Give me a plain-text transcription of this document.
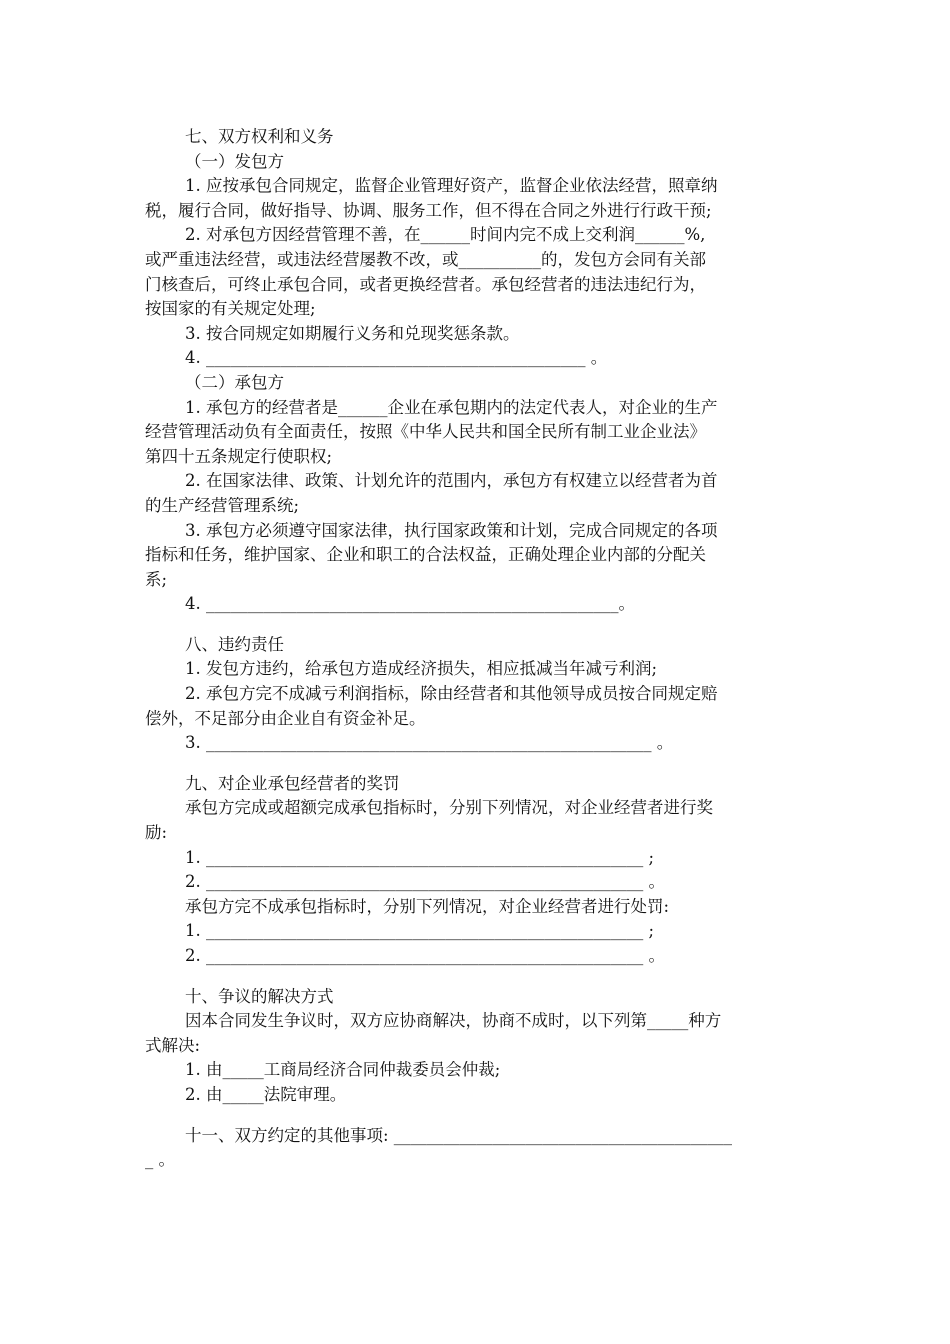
七、双方权利和义务
（一）发包方
1. 应按承包合同规定，监督企业管理好资产，监督企业依法经营，照章纳
税，履行合同，做好指导、协调、服务工作，但不得在合同之外进行行政干预;
2. 对承包方因经营管理不善，在______时间内完不成上交利润______%,
或严重违法经营，或违法经营屡教不改，或__________的，发包方会同有关部
门核查后，可终止承包合同，或者更换经营者。承包经营者的违法违纪行为，
按国家的有关规定处理;
3. 按合同规定如期履行义务和兑现奖惩条款。
4. ______________________________________________ 。
（二）承包方
1. 承包方的经营者是______企业在承包期内的法定代表人，对企业的生产
经营管理活动负有全面责任，按照《中华人民共和国全民所有制工业企业法》
第四十五条规定行使职权;
2. 在国家法律、政策、计划允许的范围内，承包方有权建立以经营者为首
的生产经营管理系统;
3. 承包方必须遵守国家法律，执行国家政策和计划，完成合同规定的各项
指标和任务，维护国家、企业和职工的合法权益，正确处理企业内部的分配关
系;
4. __________________________________________________。
八、违约责任
1. 发包方违约，给承包方造成经济损失，相应抵减当年减亏利润;
2. 承包方完不成减亏利润指标，除由经营者和其他领导成员按合同规定赔
偿外，不足部分由企业自有资金补足。
3. ______________________________________________________ 。
九、对企业承包经营者的奖罚
承包方完成或超额完成承包指标时，分别下列情况，对企业经营者进行奖
励:
1. _____________________________________________________ ;
2. _____________________________________________________ 。
承包方完不成承包指标时，分别下列情况，对企业经营者进行处罚:
1. _____________________________________________________ ;
2. _____________________________________________________ 。
十、争议的解决方式
因本合同发生争议时，双方应协商解决，协商不成时，以下列第_____种方
式解决:
1. 由_____工商局经济合同仲裁委员会仲裁;
2. 由_____法院审理。
十一、双方约定的其他事项: _________________________________________
_ 。
